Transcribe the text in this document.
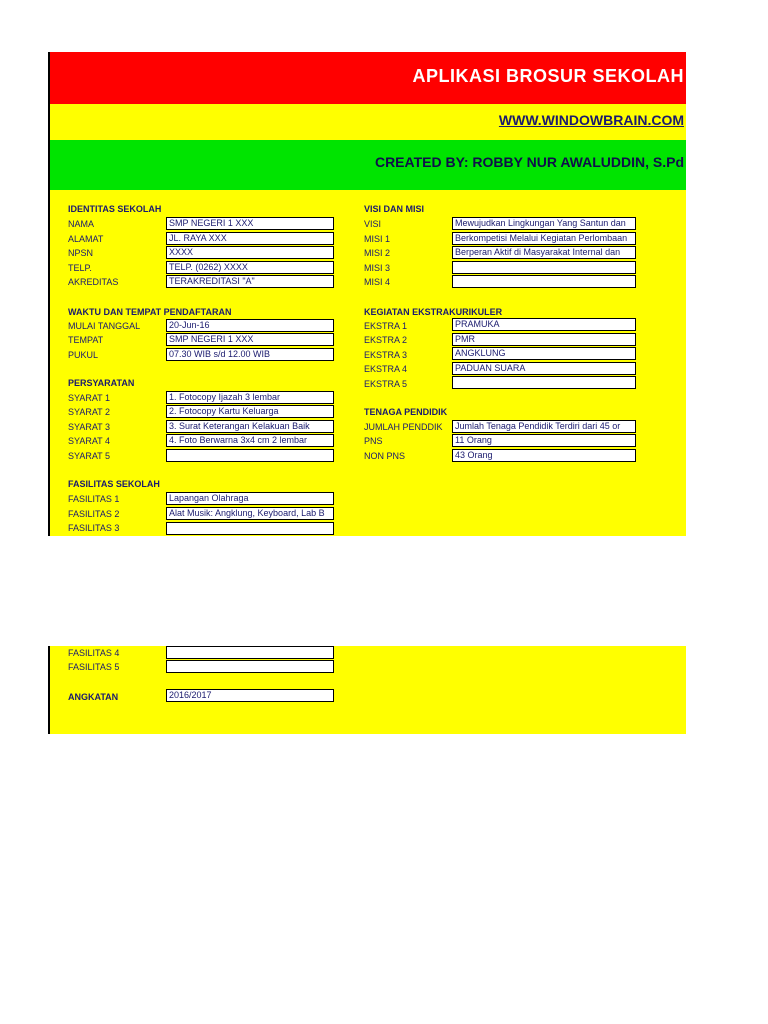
APLIKASI BROSUR SEKOLAH
WWW.WINDOWBRAIN.COM
CREATED BY: ROBBY NUR AWALUDDIN, S.Pd
IDENTITAS SEKOLAH
NAMA	SMP NEGERI 1 XXX
ALAMAT	JL. RAYA XXX
NPSN	XXXX
TELP.	TELP. (0262) XXXX
AKREDITAS	TERAKREDITASI "A"
VISI DAN MISI
VISI	Mewujudkan Lingkungan Yang Santun dan
MISI 1	Berkompetisi Melalui Kegiatan Perlombaan
MISI 2	Berperan Aktif di Masyarakat Internal dan
MISI 3
MISI 4
WAKTU DAN TEMPAT PENDAFTARAN
MULAI TANGGAL	20-Jun-16
TEMPAT	SMP NEGERI 1 XXX
PUKUL	07.30 WIB s/d 12.00 WIB
KEGIATAN EKSTRAKURIKULER
EKSTRA 1	PRAMUKA
EKSTRA 2	PMR
EKSTRA 3	ANGKLUNG
EKSTRA 4	PADUAN SUARA
EKSTRA 5
PERSYARATAN
SYARAT 1	1. Fotocopy Ijazah 3 lembar
SYARAT 2	2. Fotocopy Kartu Keluarga
SYARAT 3	3. Surat Keterangan Kelakuan Baik
SYARAT 4	4. Foto Berwarna 3x4 cm 2 lembar
SYARAT 5
TENAGA PENDIDIK
JUMLAH PENDDIK	Jumlah Tenaga Pendidik Terdiri dari 45 or
PNS	11 Orang
NON PNS	43 Orang
FASILITAS SEKOLAH
FASILITAS 1	Lapangan Olahraga
FASILITAS 2	Alat Musik: Angklung, Keyboard, Lab B
FASILITAS 3
FASILITAS 4
FASILITAS 5
ANGKATAN	2016/2017
